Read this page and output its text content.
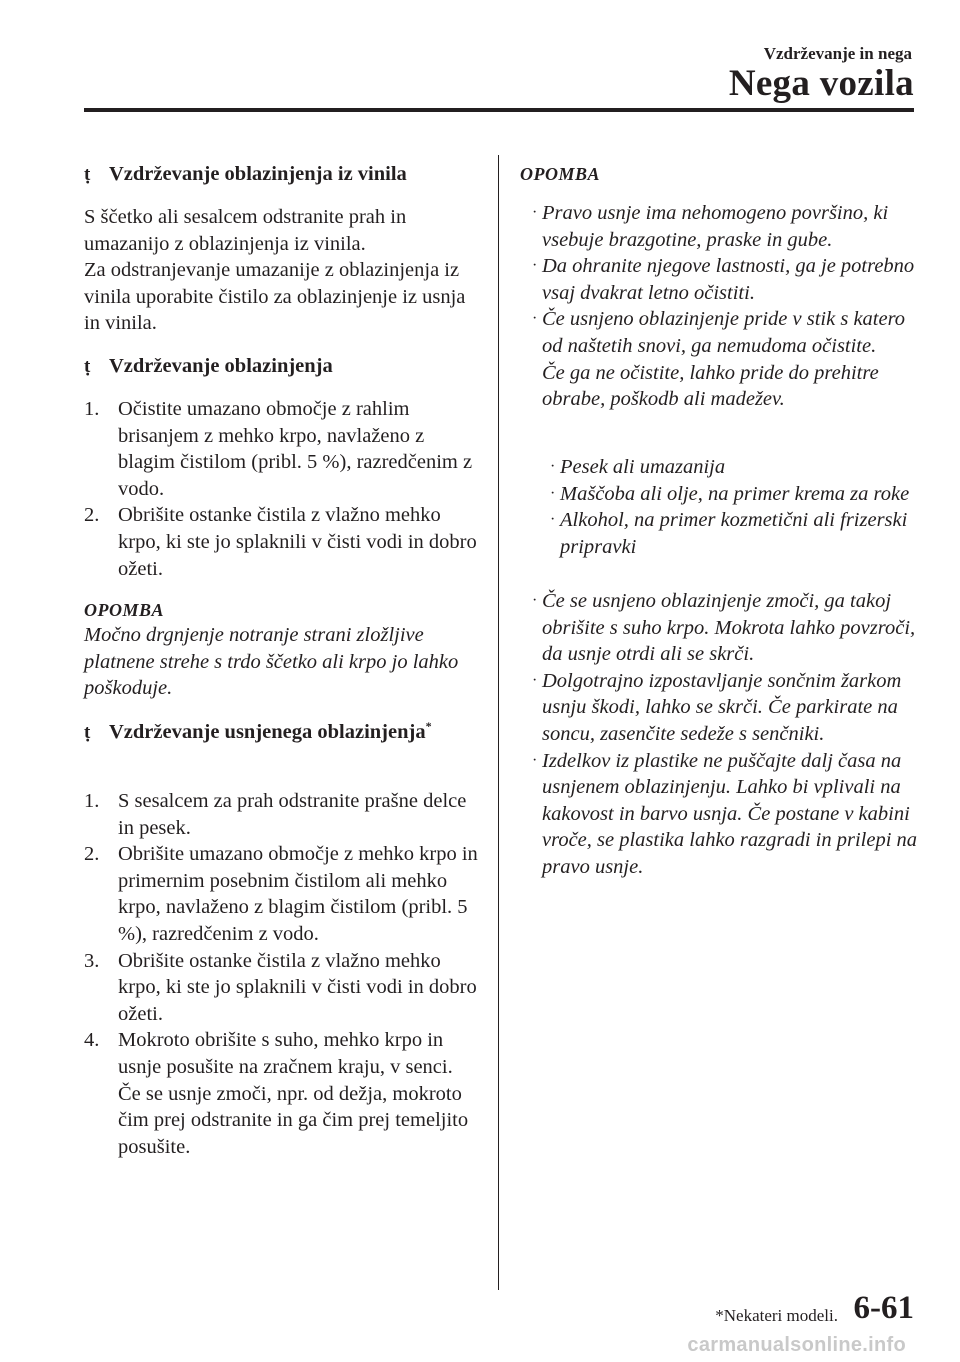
Vzdrževanje in nega
Nega vozila
ṭ Vzdrževanje oblazinjenja iz vinila

S ščetko ali sesalcem odstranite prah in umazanijo z oblazinjenja iz vinila.

Za odstranjevanje umazanije z oblazinjenja iz vinila uporabite čistilo za oblazinjenje iz usnja in vinila.

ṭ Vzdrževanje oblazinjenja
1. Očistite umazano območje z rahlim brisanjem z mehko krpo, navlaženo z blagim čistilom (pribl. 5 %), razredčenim z vodo.
2. Obrišite ostanke čistila z vlažno mehko krpo, ki ste jo splaknili v čisti vodi in dobro ožeti.
OPOMBA
Močno drgnjenje notranje strani zložljive platnene strehe s trdo ščetko ali krpo jo lahko poškoduje.
ṭ Vzdrževanje usnjenega oblazinjenja*
1. S sesalcem za prah odstranite prašne delce in pesek.
2. Obrišite umazano območje z mehko krpo in primernim posebnim čistilom ali mehko krpo, navlaženo z blagim čistilom (pribl. 5 %), razredčenim z vodo.
3. Obrišite ostanke čistila z vlažno mehko krpo, ki ste jo splaknili v čisti vodi in dobro ožeti.
4. Mokroto obrišite s suho, mehko krpo in usnje posušite na zračnem kraju, v senci. Če se usnje zmoči, npr. od dežja, mokroto čim prej odstranite in ga čim prej temeljito posušite.
OPOMBA
· Pravo usnje ima nehomogeno površino, ki vsebuje brazgotine, praske in gube.
· Da ohranite njegove lastnosti, ga je potrebno vsaj dvakrat letno očistiti.
· Če usnjeno oblazinjenje pride v stik s katero od naštetih snovi, ga nemudoma očistite.
Če ga ne očistite, lahko pride do prehitre obrabe, poškodb ali madežev.
· Pesek ali umazanija
· Maščoba ali olje, na primer krema za roke
· Alkohol, na primer kozmetični ali frizerski pripravki
· Če se usnjeno oblazinjenje zmoči, ga takoj obrišite s suho krpo. Mokrota lahko povzroči, da usnje otrdi ali se skrči.
· Dolgotrajno izpostavljanje sončnim žarkom usnju škodi, lahko se skrči. Če parkirate na soncu, zasenčite sedeže s senčniki.
· Izdelkov iz plastike ne puščajte dalj časa na usnjenem oblazinjenju. Lahko bi vplivali na kakovost in barvo usnja. Če postane v kabini vroče, se plastika lahko razgradi in prilepi na pravo usnje.
*Nekateri modeli. 6-61
carmanualsonline.info
